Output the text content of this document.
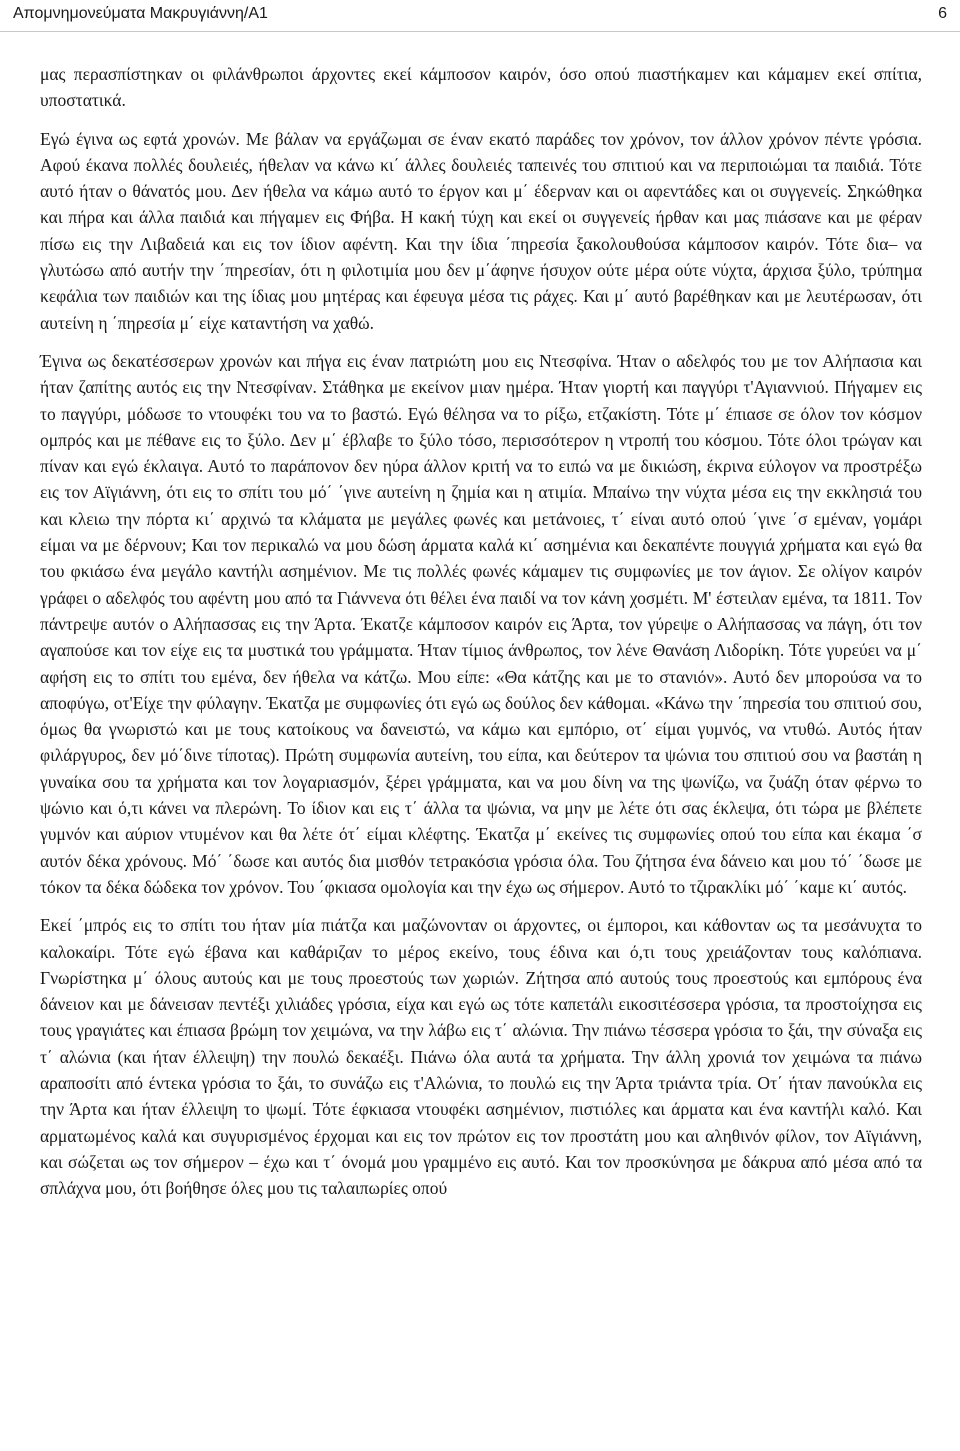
Απομνημονεύματα Μακρυγιάννη/Α1	6

μας περασπίστηκαν οι φιλάνθρωποι άρχοντες εκεί κάμποσον καιρόν, όσο οπού πιαστήκαμεν και κάμαμεν εκεί σπίτια, υποστατικά.

Εγώ έγινα ως εφτά χρονών. Με βάλαν να εργάζωμαι σε έναν εκατό παράδες τον χρόνον, τον άλλον χρόνον πέντε γρόσια. Αφού έκανα πολλές δουλειές, ήθελαν να κάνω κι΄ άλλες δουλειές ταπεινές του σπιτιού και να περιποιώμαι τα παιδιά. Τότε αυτό ήταν ο θάνατός μου. Δεν ήθελα να κάμω αυτό το έργον και μ΄ έδερναν και οι αφεντάδες και οι συγγενείς. Σηκώθηκα και πήρα και άλλα παιδιά και πήγαμεν εις Φήβα. Η κακή τύχη και εκεί οι συγγενείς ήρθαν και μας πιάσανε και με φέραν πίσω εις την Λιβαδειά και εις τον ίδιον αφέντη. Και την ίδια ΄πηρεσία ξακολουθούσα κάμποσον καιρόν. Τότε δια– να γλυτώσω από αυτήν την ΄πηρεσίαν, ότι η φιλοτιμία μου δεν μ΄άφηνε ήσυχον ούτε μέρα ούτε νύχτα, άρχισα ξύλο, τρύπημα κεφάλια των παιδιών και της ίδιας μου μητέρας και έφευγα μέσα τις ράχες. Και μ΄ αυτό βαρέθηκαν και με λευτέρωσαν, ότι αυτείνη η ΄πηρεσία μ΄ είχε καταντήση να χαθώ.

Έγινα ως δεκατέσσερων χρονών και πήγα εις έναν πατριώτη μου εις Ντεσφίνα. Ήταν ο αδελφός του με τον Αλήπασια και ήταν ζαπίτης αυτός εις την Ντεσφίναν. Στάθηκα με εκείνον μιαν ημέρα. Ήταν γιορτή και παγγύρι τ'Αγιαννιού. Πήγαμεν εις το παγγύρι, μόδωσε το ντουφέκι του να το βαστώ. Εγώ θέλησα να το ρίξω, ετζακίστη. Τότε μ΄ έπιασε σε όλον τον κόσμον ομπρός και με πέθανε εις το ξύλο. Δεν μ΄ έβλαβε το ξύλο τόσο, περισσότερον η ντροπή του κόσμου. Τότε όλοι τρώγαν και πίναν και εγώ έκλαιγα. Αυτό το παράπονον δεν ηύρα άλλον κριτή να το ειπώ να με δικιώση, έκρινα εύλογον να προστρέξω εις τον Αϊγιάννη, ότι εις το σπίτι του μό΄ ΄γινε αυτείνη η ζημία και η ατιμία. Μπαίνω την νύχτα μέσα εις την εκκλησιά του και κλειω την πόρτα κι΄ αρχινώ τα κλάματα με μεγάλες φωνές και μετάνοιες, τ΄ είναι αυτό οπού ΄γινε ΄σ εμέναν, γομάρι είμαι να με δέρνουν; Και τον περικαλώ να μου δώση άρματα καλά κι΄ ασημένια και δεκαπέντε πουγγιά χρήματα και εγώ θα του φκιάσω ένα μεγάλο καντήλι ασημένιον. Με τις πολλές φωνές κάμαμεν τις συμφωνίες με τον άγιον. Σε ολίγον καιρόν γράφει ο αδελφός του αφέντη μου από τα Γιάννενα ότι θέλει ένα παιδί να τον κάνη χοσμέτι. Μ' έστειλαν εμένα, τα 1811. Τον πάντρεψε αυτόν ο Αλήπασσας εις την Άρτα. Έκατζε κάμποσον καιρόν εις Άρτα, τον γύρεψε ο Αλήπασσας να πάγη, ότι τον αγαπούσε και τον είχε εις τα μυστικά του γράμματα. Ήταν τίμιος άνθρωπος, τον λένε Θανάση Λιδορίκη. Τότε γυρεύει να μ΄ αφήση εις το σπίτι του εμένα, δεν ήθελα να κάτζω. Μου είπε: «Θα κάτζης και με το στανιόν». Αυτό δεν μπορούσα να το αποφύγω, οτ'Είχε την φύλαγην. Έκατζα με συμφωνίες ότι εγώ ως δούλος δεν κάθομαι. «Κάνω την ΄πηρεσία του σπιτιού σου, όμως θα γνωριστώ και με τους κατοίκους να δανειστώ, να κάμω και εμπόριο, οτ΄ είμαι γυμνός, να ντυθώ. Αυτός ήταν φιλάργυρος, δεν μό΄δινε τίποτας). Πρώτη συμφωνία αυτείνη, του είπα, και δεύτερον τα ψώνια του σπιτιού σου να βαστάη η γυναίκα σου τα χρήματα και τον λογαριασμόν, ξέρει γράμματα, και να μου δίνη να της ψωνίζω, να ζυάζη όταν φέρνω το ψώνιο και ό,τι κάνει να πλερώνη. Το ίδιον και εις τ΄ άλλα τα ψώνια, να μην με λέτε ότι σας έκλεψα, ότι τώρα με βλέπετε γυμνόν και αύριον ντυμένον και θα λέτε ότ΄ είμαι κλέφτης. Έκατζα μ΄ εκείνες τις συμφωνίες οπού του είπα και έκαμα ΄σ αυτόν δέκα χρόνους. Μό΄ ΄δωσε και αυτός δια μισθόν τετρακόσια γρόσια όλα. Του ζήτησα ένα δάνειο και μου τό΄ ΄δωσε με τόκον τα δέκα δώδεκα τον χρόνον. Του ΄φκιασα ομολογία και την έχω ως σήμερον. Αυτό το τζιρακλίκι μό΄ ΄καμε κι΄ αυτός.

Εκεί ΄μπρός εις το σπίτι του ήταν μία πιάτζα και μαζώνονταν οι άρχοντες, οι έμποροι, και κάθονταν ως τα μεσάνυχτα το καλοκαίρι. Τότε εγώ έβανα και καθάριζαν το μέρος εκείνο, τους έδινα και ό,τι τους χρειάζονταν τους καλόπιανα. Γνωρίστηκα μ΄ όλους αυτούς και με τους προεστούς των χωριών. Ζήτησα από αυτούς τους προεστούς και εμπόρους ένα δάνειον και με δάνεισαν πεντέξι χιλιάδες γρόσια, είχα και εγώ ως τότε καπετάλι εικοσιτέσσερα γρόσια, τα προστοίχησα εις τους γραγιάτες και έπιασα βρώμη τον χειμώνα, να την λάβω εις τ΄ αλώνια. Την πιάνω τέσσερα γρόσια το ξάι, την σύναξα εις τ΄ αλώνια (και ήταν έλλειψη) την πουλώ δεκαέξι. Πιάνω όλα αυτά τα χρήματα. Την άλλη χρονιά τον χειμώνα τα πιάνω αραποσίτι από έντεκα γρόσια το ξάι, το συνάζω εις τ'Αλώνια, το πουλώ εις την Άρτα τριάντα τρία. Οτ΄ ήταν πανούκλα εις την Άρτα και ήταν έλλειψη το ψωμί. Τότε έφκιασα ντουφέκι ασημένιον, πιστιόλες και άρματα και ένα καντήλι καλό. Και αρματωμένος καλά και συγυρισμένος έρχομαι και εις τον πρώτον εις τον προστάτη μου και αληθινόν φίλον, τον Αϊγιάννη, και σώζεται ως τον σήμερον – έχω και τ΄ όνομά μου γραμμένο εις αυτό. Και τον προσκύνησα με δάκρυα από μέσα από τα σπλάχνα μου, ότι βοήθησε όλες μου τις ταλαιπωρίες οπού
